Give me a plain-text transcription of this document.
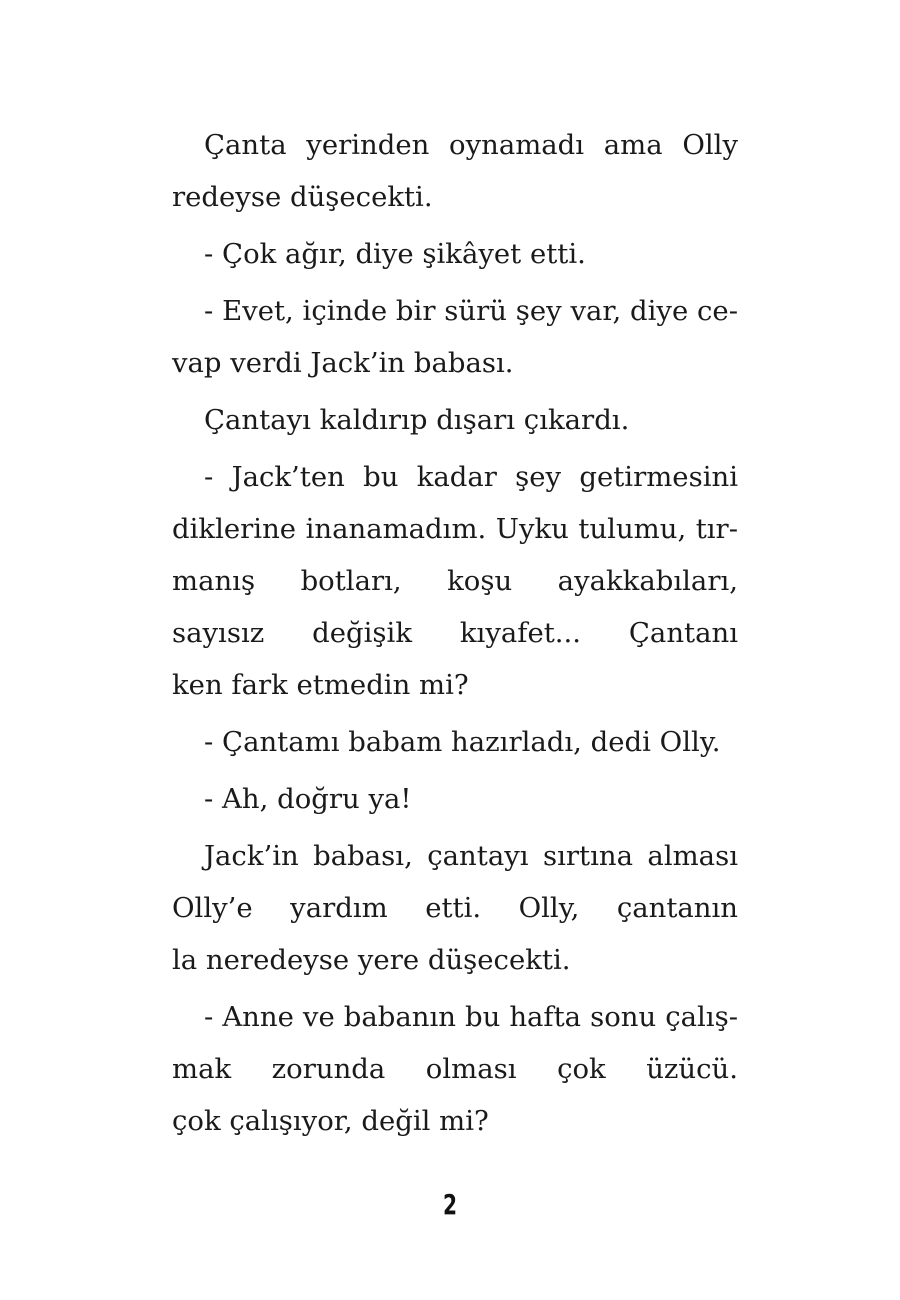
Çanta yerinden oynamadı ama Olly
redeyse düşecekti.
- Çok ağır, diye şikâyet etti.
- Evet, içinde bir sürü şey var, diye ce-
vap verdi Jack’in babası.
Çantayı kaldırıp dışarı çıkardı.
- Jack’ten bu kadar şey getirmesini
diklerine inanamadım. Uyku tulumu, tır-
manış botları, koşu ayakkabıları,
sayısız değişik kıyafet... Çantanı
ken fark etmedin mi?
- Çantamı babam hazırladı, dedi Olly.
- Ah, doğru ya!
Jack’in babası, çantayı sırtına alması
Olly’e yardım etti. Olly, çantanın
la neredeyse yere düşecekti.
- Anne ve babanın bu hafta sonu çalış-
mak zorunda olması çok üzücü.
çok çalışıyor, değil mi?
2
